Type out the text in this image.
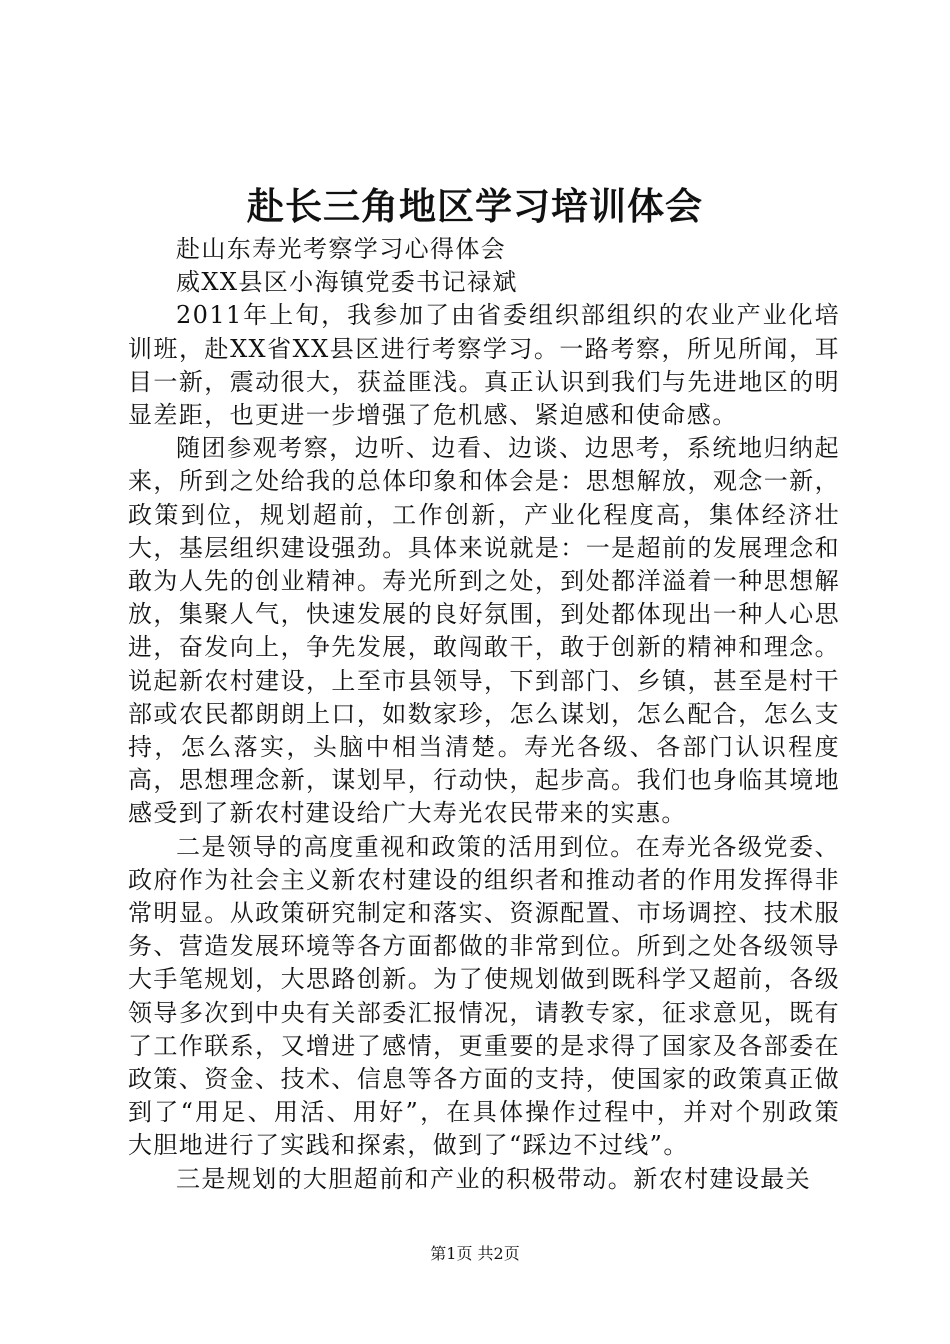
赴长三角地区学习培训体会

赴山东寿光考察学习心得体会

威XX县区小海镇党委书记禄斌

2011年上旬，我参加了由省委组织部组织的农业产业化培训班，赴XX省XX县区进行考察学习。一路考察，所见所闻，耳目一新，震动很大，获益匪浅。真正认识到我们与先进地区的明显差距，也更进一步增强了危机感、紧迫感和使命感。

随团参观考察，边听、边看、边谈、边思考，系统地归纳起来，所到之处给我的总体印象和体会是：思想解放，观念一新，政策到位，规划超前，工作创新，产业化程度高，集体经济壮大，基层组织建设强劲。具体来说就是：一是超前的发展理念和敢为人先的创业精神。寿光所到之处，到处都洋溢着一种思想解放，集聚人气，快速发展的良好氛围，到处都体现出一种人心思进，奋发向上，争先发展，敢闯敢干，敢于创新的精神和理念。说起新农村建设，上至市县领导，下到部门、乡镇，甚至是村干部或农民都朗朗上口，如数家珍，怎么谋划，怎么配合，怎么支持，怎么落实，头脑中相当清楚。寿光各级、各部门认识程度高，思想理念新，谋划早，行动快，起步高。我们也身临其境地感受到了新农村建设给广大寿光农民带来的实惠。

二是领导的高度重视和政策的活用到位。在寿光各级党委、政府作为社会主义新农村建设的组织者和推动者的作用发挥得非常明显。从政策研究制定和落实、资源配置、市场调控、技术服务、营造发展环境等各方面都做的非常到位。所到之处各级领导大手笔规划，大思路创新。为了使规划做到既科学又超前，各级领导多次到中央有关部委汇报情况，请教专家，征求意见，既有了工作联系，又增进了感情，更重要的是求得了国家及各部委在政策、资金、技术、信息等各方面的支持，使国家的政策真正做到了“用足、用活、用好”，在具体操作过程中，并对个别政策大胆地进行了实践和探索，做到了“踩边不过线”。

三是规划的大胆超前和产业的积极带动。新农村建设最关

第1页 共2页
